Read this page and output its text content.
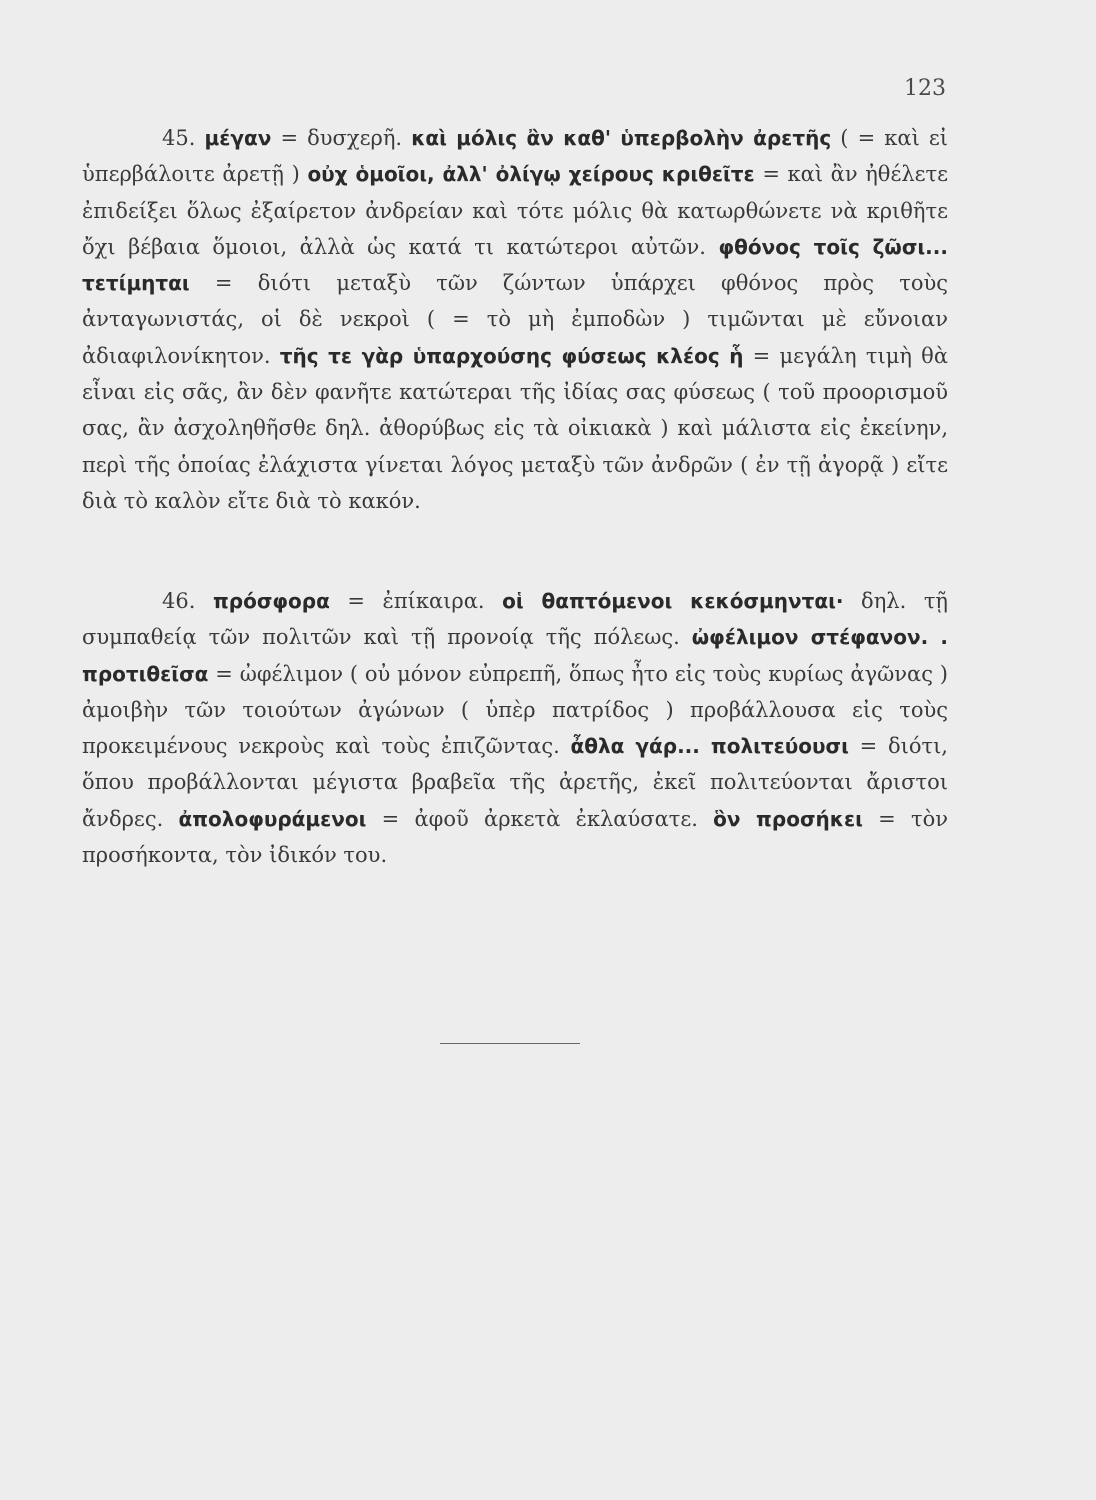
123
45. μέγαν = δυσχερῆ. καὶ μόλις ἂν καθ' ὑπερβολὴν ἀρετῆς ( = καὶ εἰ ὑπερβάλοιτε ἀρετῇ ) οὐχ ὁμοῖοι, ἀλλ' ὀλίγῳ χείρους κριθεῖτε = καὶ ἂν ἠθέλετε ἐπιδείξει ὅλως ἐξαίρετον ἀνδρείαν καὶ τότε μόλις θὰ κατωρθώνετε νὰ κριθῆτε ὄχι βέβαια ὅμοιοι, ἀλλὰ ὡς κατά τι κατώτεροι αὐτῶν. φθόνος τοῖς ζῶσι... τετίμηται = διότι μεταξὺ τῶν ζώντων ὑπάρχει φθόνος πρὸς τοὺς ἀνταγωνιστάς, οἱ δὲ νεκροὶ ( = τὸ μὴ ἐμποδὼν ) τιμῶνται μὲ εὔνοιαν ἀδιαφιλονίκητον. τῆς τε γὰρ ὑπαρχούσης φύσεως κλέος ἧ = μεγάλη τιμὴ θὰ εἶναι εἰς σᾶς, ἂν δὲν φανῆτε κατώτεραι τῆς ἰδίας σας φύσεως ( τοῦ προορισμοῦ σας, ἂν ἀσχοληθῆσθε δηλ. ἀθορύβως εἰς τὰ οἰκιακὰ ) καὶ μάλιστα εἰς ἐκείνην, περὶ τῆς ὁποίας ἐλάχιστα γίνεται λόγος μεταξὺ τῶν ἀνδρῶν ( ἐν τῇ ἀγορᾷ ) εἴτε διὰ τὸ καλὸν εἴτε διὰ τὸ κακόν.
46. πρόσφορα = ἐπίκαιρα. οἱ θαπτόμενοι κεκόσμηνται· δηλ. τῇ συμπαθείᾳ τῶν πολιτῶν καὶ τῇ προνοίᾳ τῆς πόλεως. ὠφέλιμον στέφανον. . προτιθεῖσα = ὠφέλιμον ( οὐ μόνον εὐπρεπῆ, ὅπως ἦτο εἰς τοὺς κυρίως ἀγῶνας ) ἀμοιβὴν τῶν τοιούτων ἀγώνων ( ὑπὲρ πατρίδος ) προβάλλουσα εἰς τοὺς προκειμένους νεκροὺς καὶ τοὺς ἐπιζῶντας. ἆθλα γάρ... πολιτεύουσι = διότι, ὅπου προβάλλονται μέγιστα βραβεῖα τῆς ἀρετῆς, ἐκεῖ πολιτεύονται ἄριστοι ἄνδρες. ἀπολοφυράμενοι = ἀφοῦ ἀρκετὰ ἐκλαύσατε. ὃν προσήκει = τὸν προσήκοντα, τὸν ἰδικόν του.
